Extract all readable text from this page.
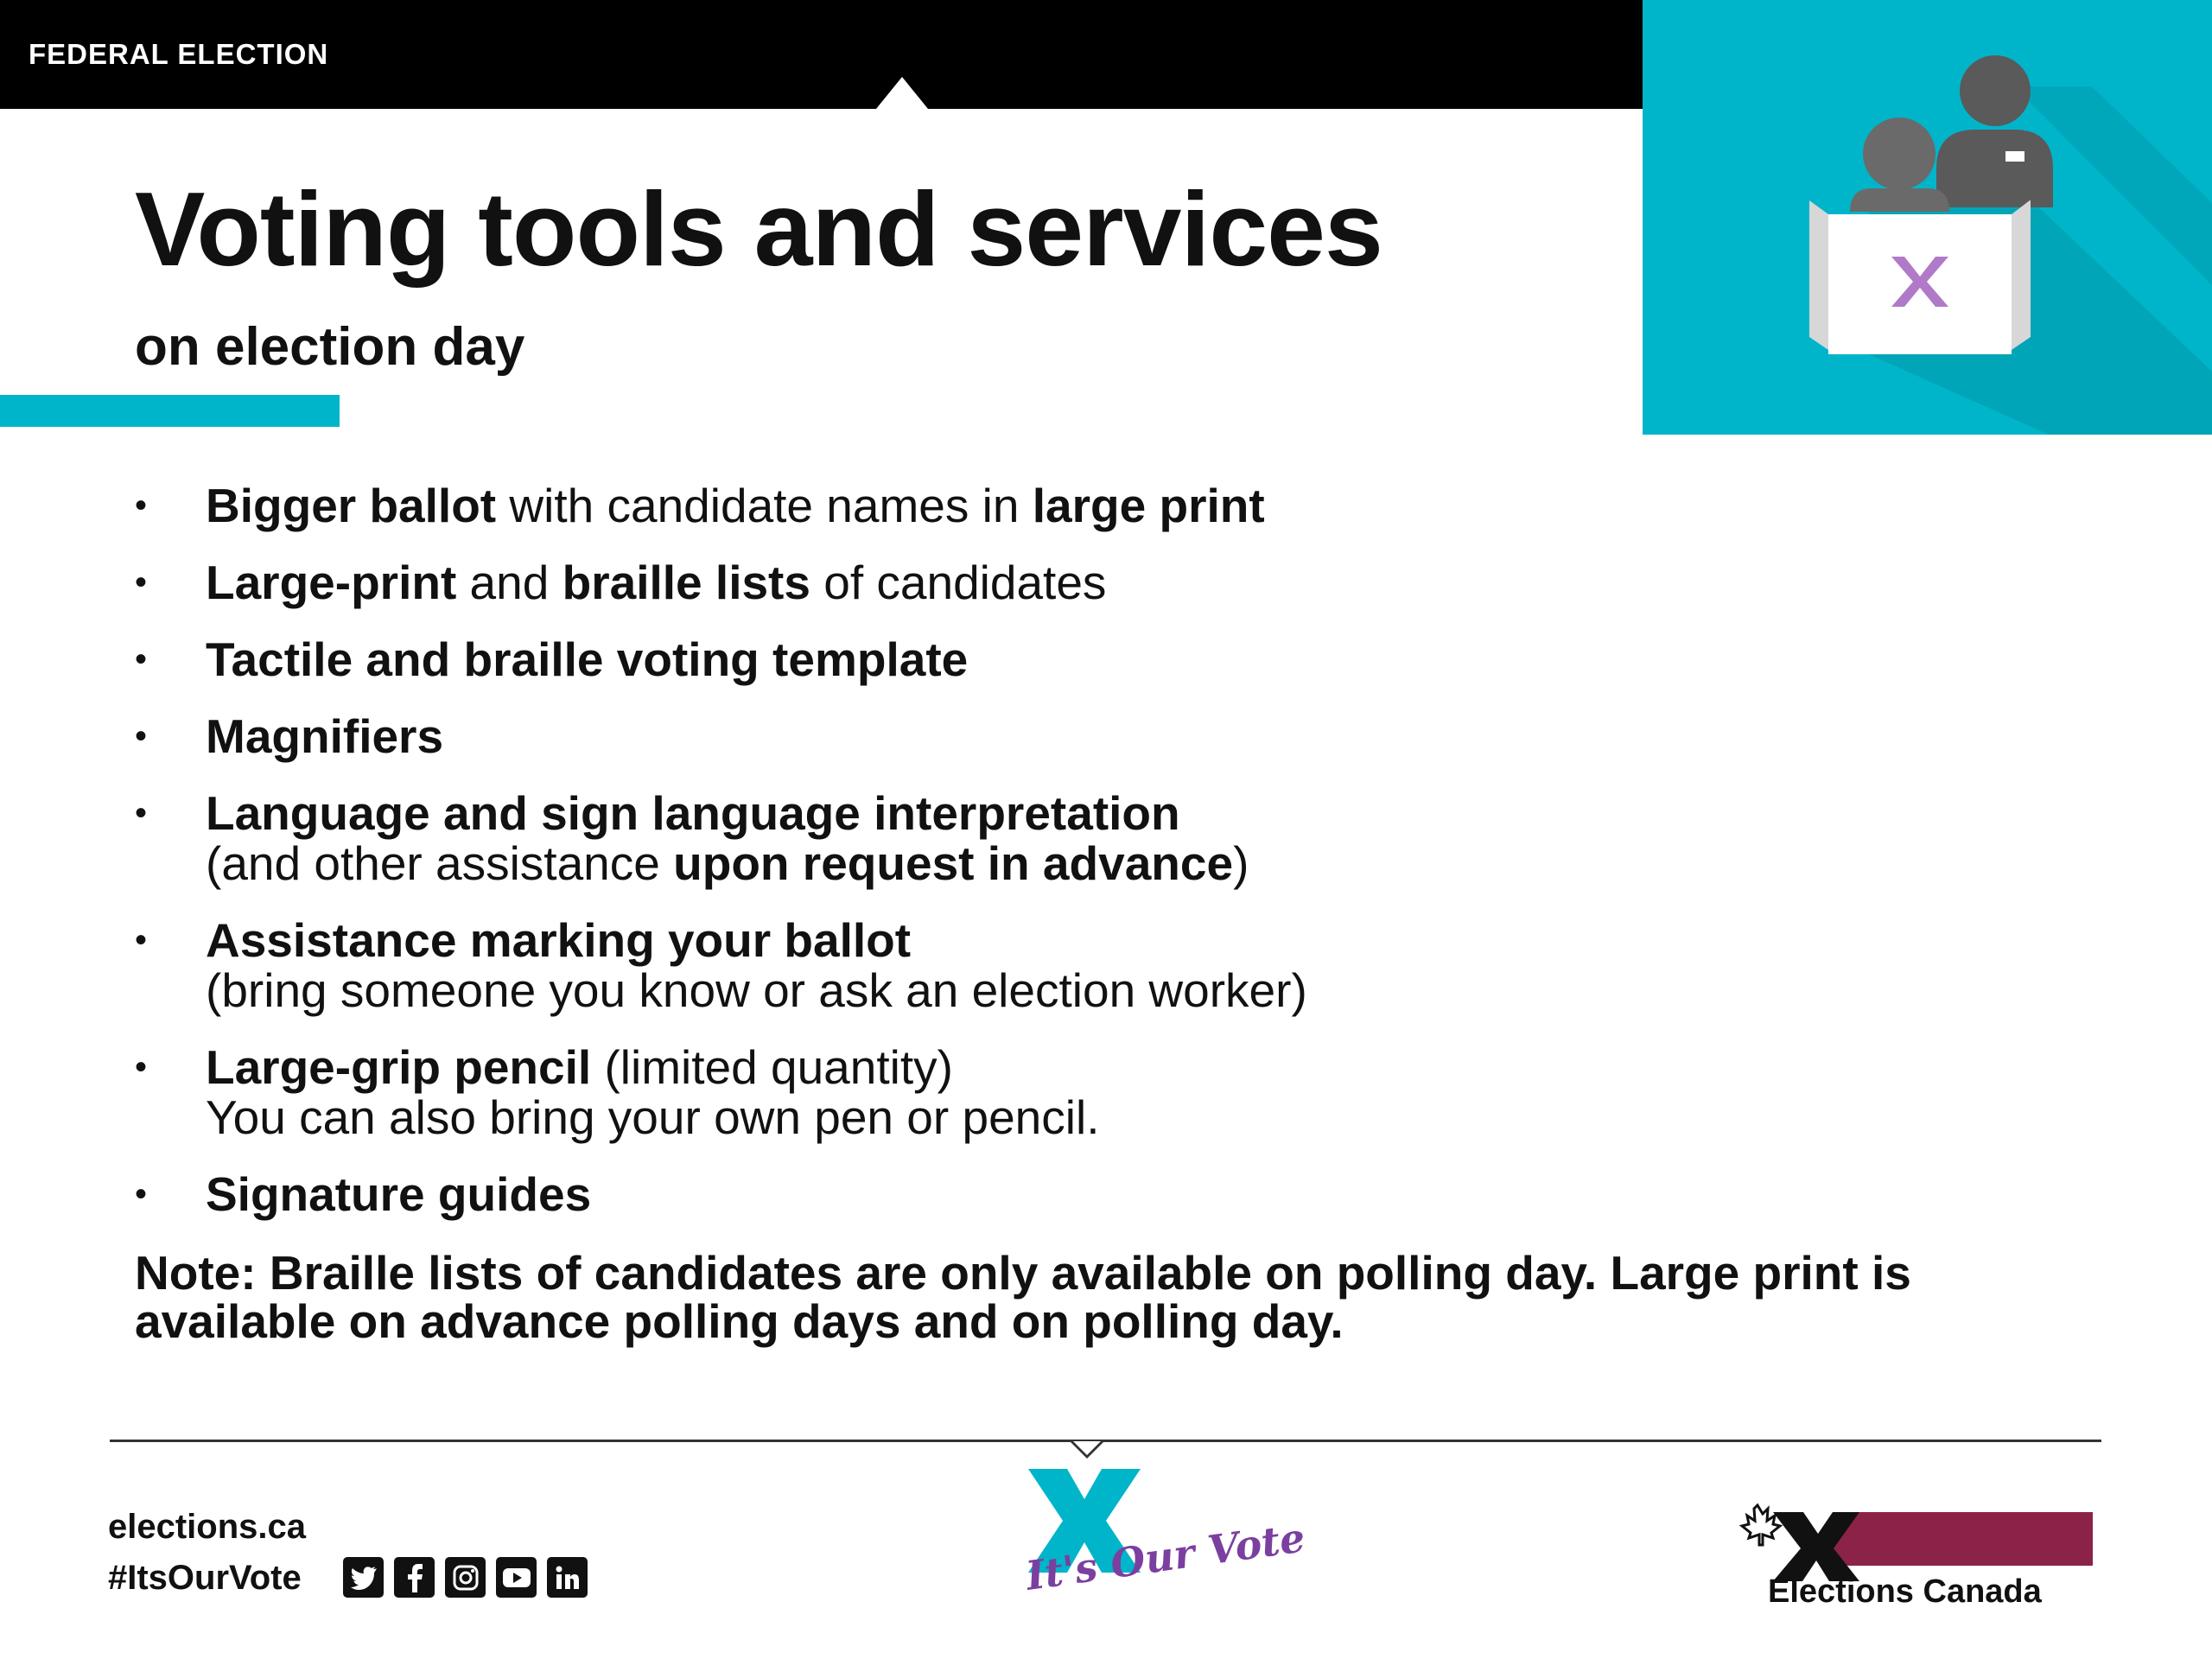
FEDERAL ELECTION
Voting tools and services
on election day
• Bigger ballot with candidate names in large print
• Large-print and braille lists of candidates
• Tactile and braille voting template
• Magnifiers
• Language and sign language interpretation
(and other assistance upon request in advance)
• Assistance marking your ballot
(bring someone you know or ask an election worker)
• Large-grip pencil (limited quantity)
You can also bring your own pen or pencil.
• Signature guides
Note: Braille lists of candidates are only available on polling day. Large print is available on advance polling days and on polling day.
elections.ca
#ItsOurVote	It's Our Vote	Elections Canada
